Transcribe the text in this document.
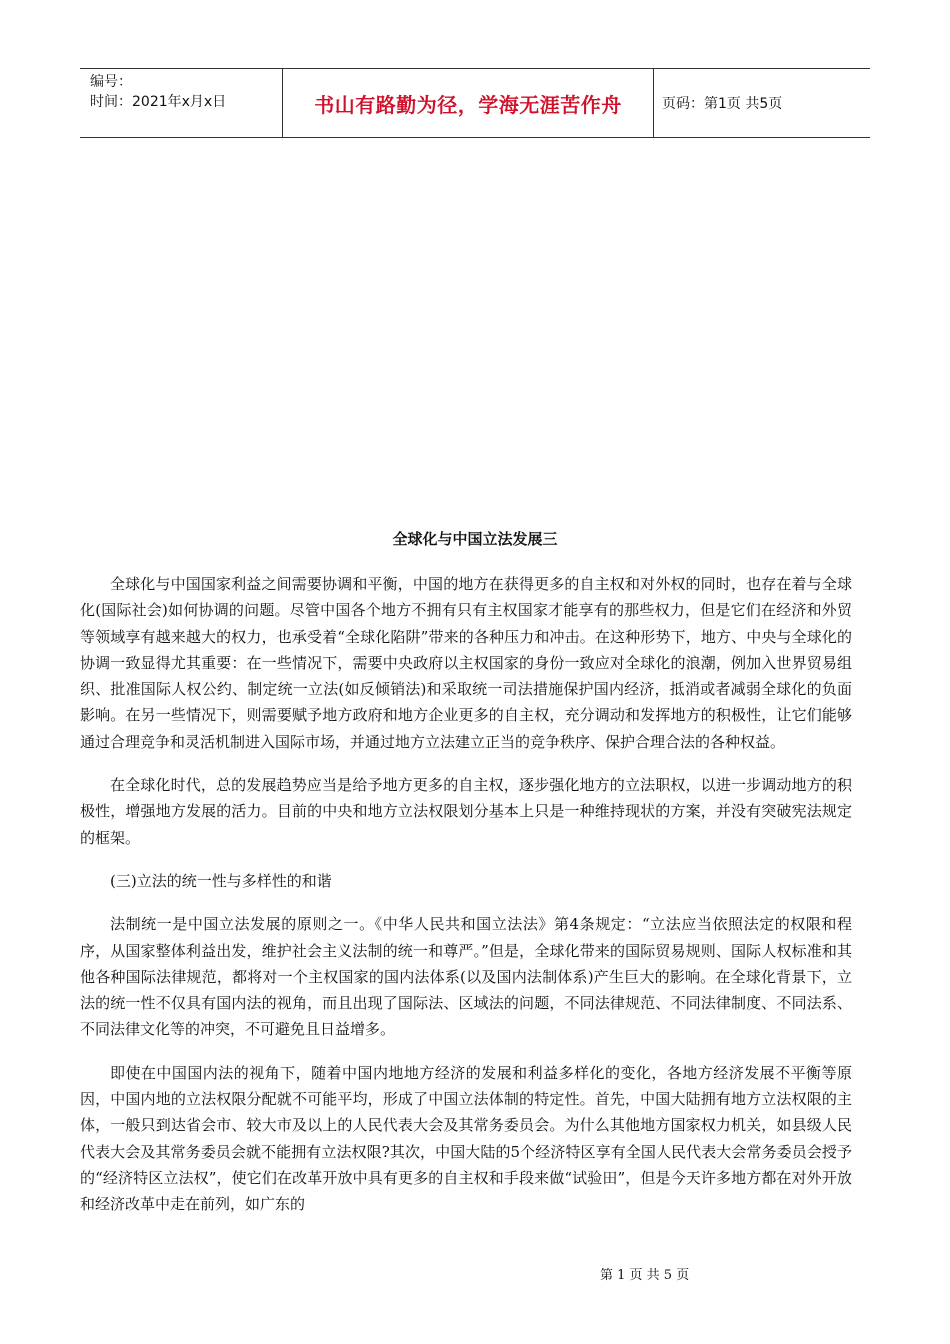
编号：
时间：2021年x月x日	书山有路勤为径，学海无涯苦作舟	页码：第1页 共5页
全球化与中国立法发展三

全球化与中国国家利益之间需要协调和平衡，中国的地方在获得更多的自主权和对外权的同时，也存在着与全球化(国际社会)如何协调的问题。尽管中国各个地方不拥有只有主权国家才能享有的那些权力，但是它们在经济和外贸等领域享有越来越大的权力，也承受着“全球化陷阱”带来的各种压力和冲击。在这种形势下，地方、中央与全球化的协调一致显得尤其重要：在一些情况下，需要中央政府以主权国家的身份一致应对全球化的浪潮，例加入世界贸易组织、批准国际人权公约、制定统一立法(如反倾销法)和采取统一司法措施保护国内经济，抵消或者减弱全球化的负面影响。在另一些情况下，则需要赋予地方政府和地方企业更多的自主权，充分调动和发挥地方的积极性，让它们能够通过合理竞争和灵活机制进入国际市场，并通过地方立法建立正当的竞争秩序、保护合理合法的各种权益。

在全球化时代，总的发展趋势应当是给予地方更多的自主权，逐步强化地方的立法职权，以进一步调动地方的积极性，增强地方发展的活力。目前的中央和地方立法权限划分基本上只是一种维持现状的方案，并没有突破宪法规定的框架。

(三)立法的统一性与多样性的和谐

法制统一是中国立法发展的原则之一。《中华人民共和国立法法》第4条规定：“立法应当依照法定的权限和程序，从国家整体利益出发，维护社会主义法制的统一和尊严。”但是，全球化带来的国际贸易规则、国际人权标准和其他各种国际法律规范，都将对一个主权国家的国内法体系(以及国内法制体系)产生巨大的影响。在全球化背景下，立法的统一性不仅具有国内法的视角，而且出现了国际法、区域法的问题，不同法律规范、不同法律制度、不同法系、不同法律文化等的冲突，不可避免且日益增多。

即使在中国国内法的视角下，随着中国内地地方经济的发展和利益多样化的变化，各地方经济发展不平衡等原因，中国内地的立法权限分配就不可能平均，形成了中国立法体制的特定性。首先，中国大陆拥有地方立法权限的主体，一般只到达省会市、较大市及以上的人民代表大会及其常务委员会。为什么其他地方国家权力机关，如县级人民代表大会及其常务委员会就不能拥有立法权限?其次，中国大陆的5个经济特区享有全国人民代表大会常务委员会授予的“经济特区立法权”，使它们在改革开放中具有更多的自主权和手段来做“试验田”，但是今天许多地方都在对外开放和经济改革中走在前列，如广东的

第 1 页 共 5 页
